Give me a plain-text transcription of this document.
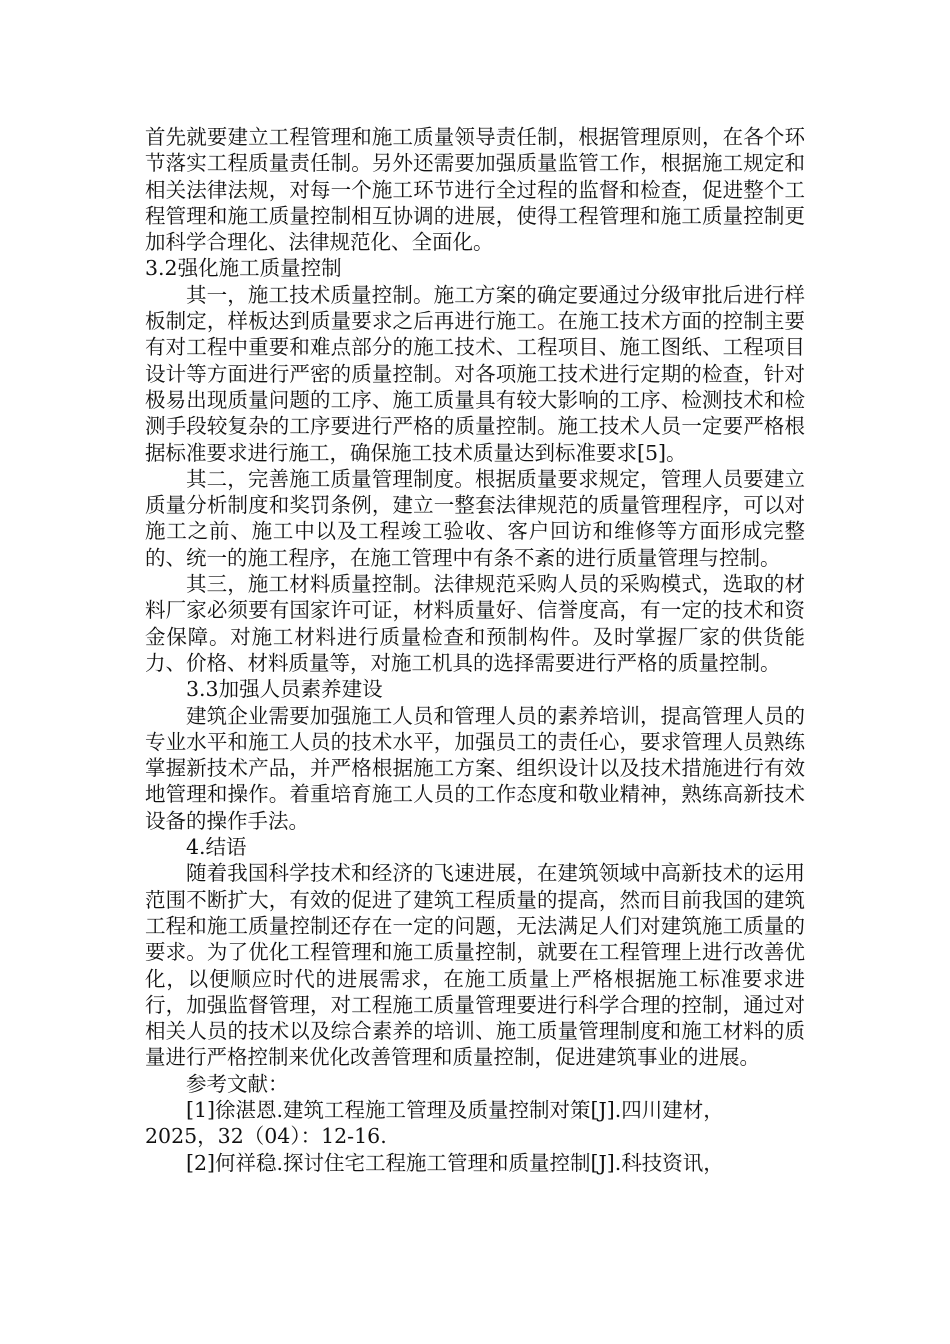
首先就要建立工程管理和施工质量领导责任制，根据管理原则，在各个环节落实工程质量责任制。另外还需要加强质量监管工作，根据施工规定和相关法律法规，对每一个施工环节进行全过程的监督和检查，促进整个工程管理和施工质量控制相互协调的进展，使得工程管理和施工质量控制更加科学合理化、法律规范化、全面化。

3.2强化施工质量控制

其一，施工技术质量控制。施工方案的确定要通过分级审批后进行样板制定，样板达到质量要求之后再进行施工。在施工技术方面的控制主要有对工程中重要和难点部分的施工技术、工程项目、施工图纸、工程项目设计等方面进行严密的质量控制。对各项施工技术进行定期的检查，针对极易出现质量问题的工序、施工质量具有较大影响的工序、检测技术和检测手段较复杂的工序要进行严格的质量控制。施工技术人员一定要严格根据标准要求进行施工，确保施工技术质量达到标准要求[5]。

其二，完善施工质量管理制度。根据质量要求规定，管理人员要建立质量分析制度和奖罚条例，建立一整套法律规范的质量管理程序，可以对施工之前、施工中以及工程竣工验收、客户回访和维修等方面形成完整的、统一的施工程序，在施工管理中有条不紊的进行质量管理与控制。

其三，施工材料质量控制。法律规范采购人员的采购模式，选取的材料厂家必须要有国家许可证，材料质量好、信誉度高，有一定的技术和资金保障。对施工材料进行质量检查和预制构件。及时掌握厂家的供货能力、价格、材料质量等，对施工机具的选择需要进行严格的质量控制。

3.3加强人员素养建设

建筑企业需要加强施工人员和管理人员的素养培训，提高管理人员的专业水平和施工人员的技术水平，加强员工的责任心，要求管理人员熟练掌握新技术产品，并严格根据施工方案、组织设计以及技术措施进行有效地管理和操作。着重培育施工人员的工作态度和敬业精神，熟练高新技术设备的操作手法。

4.结语

随着我国科学技术和经济的飞速进展，在建筑领域中高新技术的运用范围不断扩大，有效的促进了建筑工程质量的提高，然而目前我国的建筑工程和施工质量控制还存在一定的问题，无法满足人们对建筑施工质量的要求。为了优化工程管理和施工质量控制，就要在工程管理上进行改善优化，以便顺应时代的进展需求，在施工质量上严格根据施工标准要求进行，加强监督管理，对工程施工质量管理要进行科学合理的控制，通过对相关人员的技术以及综合素养的培训、施工质量管理制度和施工材料的质量进行严格控制来优化改善管理和质量控制，促进建筑事业的进展。

参考文献：

[1]徐湛恩.建筑工程施工管理及质量控制对策[J].四川建材，

2025，32（04）：12-16.

[2]何祥稳.探讨住宅工程施工管理和质量控制[J].科技资讯，
